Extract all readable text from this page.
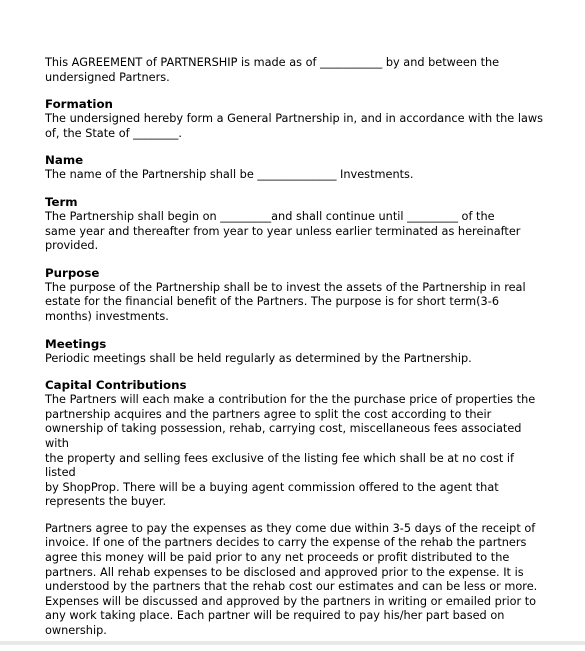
This AGREEMENT of PARTNERSHIP is made as of ___________ by and between the
undersigned Partners.

Formation

The undersigned hereby form a General Partnership in, and in accordance with the laws
of, the State of ________.

Name

The name of the Partnership shall be ______________ Investments.

Term

The Partnership shall begin on _________and shall continue until _________ of the
same year and thereafter from year to year unless earlier terminated as hereinafter
provided.

Purpose

The purpose of the Partnership shall be to invest the assets of the Partnership in real
estate for the financial benefit of the Partners. The purpose is for short term(3-6
months) investments.

Meetings

Periodic meetings shall be held regularly as determined by the Partnership.

Capital Contributions

The Partners will each make a contribution for the the purchase price of properties the
partnership acquires and the partners agree to split the cost according to their
ownership of taking possession, rehab, carrying cost, miscellaneous fees associated with
the property and selling fees exclusive of the listing fee which shall be at no cost if listed
by ShopProp. There will be a buying agent commission offered to the agent that
represents the buyer.

Partners agree to pay the expenses as they come due within 3-5 days of the receipt of
invoice. If one of the partners decides to carry the expense of the rehab the partners
agree this money will be paid prior to any net proceeds or profit distributed to the
partners. All rehab expenses to be disclosed and approved prior to the expense. It is
understood by the partners that the rehab cost our estimates and can be less or more.
Expenses will be discussed and approved by the partners in writing or emailed prior to
any work taking place. Each partner will be required to pay his/her part based on
ownership.
